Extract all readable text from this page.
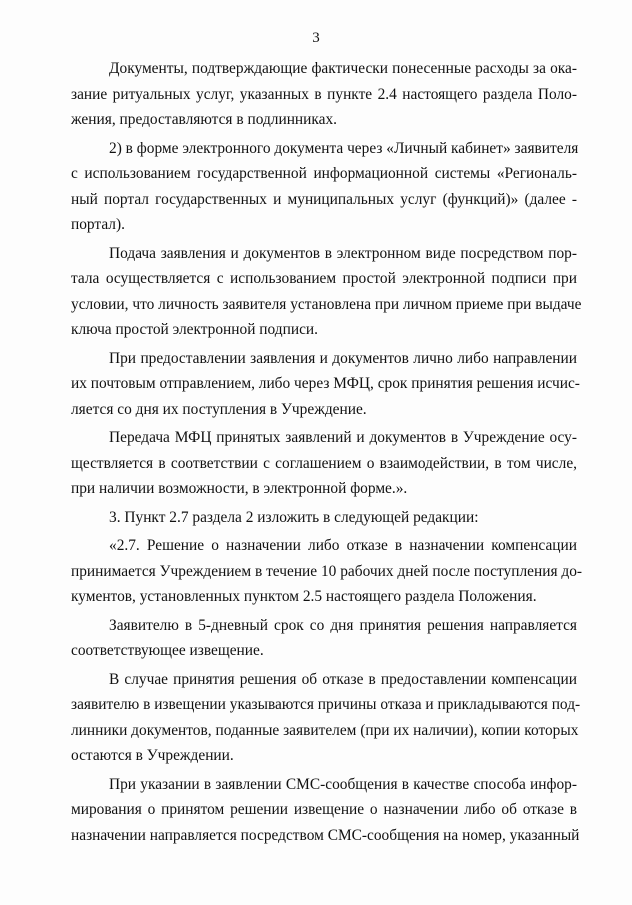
3
Документы, подтверждающие фактически понесенные расходы за ока-
зание ритуальных услуг, указанных в пункте 2.4 настоящего раздела Поло-
жения, предоставляются в подлинниках.
2) в форме электронного документа через «Личный кабинет» заявителя
с использованием государственной информационной системы «Региональ-
ный портал государственных и муниципальных услуг (функций)» (далее -
портал).
Подача заявления и документов в электронном виде посредством пор-
тала осуществляется с использованием простой электронной подписи при
условии, что личность заявителя установлена при личном приеме при выдаче
ключа простой электронной подписи.
При предоставлении заявления и документов лично либо направлении
их почтовым отправлением, либо через МФЦ, срок принятия решения исчис-
ляется со дня их поступления в Учреждение.
Передача МФЦ принятых заявлений и документов в Учреждение осу-
ществляется в соответствии с соглашением о взаимодействии, в том числе,
при наличии возможности, в электронной форме.».
3. Пункт 2.7 раздела 2 изложить в следующей редакции:
«2.7. Решение о назначении либо отказе в назначении компенсации
принимается Учреждением в течение 10 рабочих дней после поступления до-
кументов, установленных пунктом 2.5 настоящего раздела Положения.
Заявителю в 5-дневный срок со дня принятия решения направляется
соответствующее извещение.
В случае принятия решения об отказе в предоставлении компенсации
заявителю в извещении указываются причины отказа и прикладываются под-
линники документов, поданные заявителем (при их наличии), копии которых
остаются в Учреждении.
При указании в заявлении СМС-сообщения в качестве способа инфор-
мирования о принятом решении извещение о назначении либо об отказе в
назначении направляется посредством СМС-сообщения на номер, указанный
